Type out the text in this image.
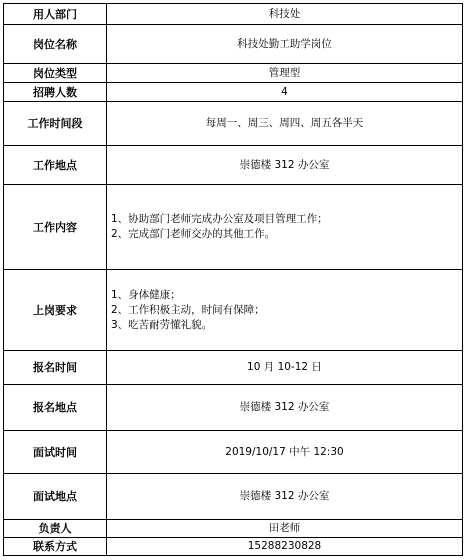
用人部门	科技处
岗位名称	科技处勤工助学岗位
岗位类型	管理型
招聘人数	4
工作时间段	每周一、周三、周四、周五各半天
工作地点	崇德楼 312 办公室
工作内容	1、协助部门老师完成办公室及项目管理工作；
2、完成部门老师交办的其他工作。

上岗要求	1、身体健康；
2、工作积极主动，时间有保障；
3、吃苦耐劳懂礼貌。

报名时间	10 月 10-12 日
报名地点	崇德楼 312 办公室
面试时间	2019/10/17 中午 12:30
面试地点	崇德楼 312 办公室
负责人	田老师
联系方式	15288230828
